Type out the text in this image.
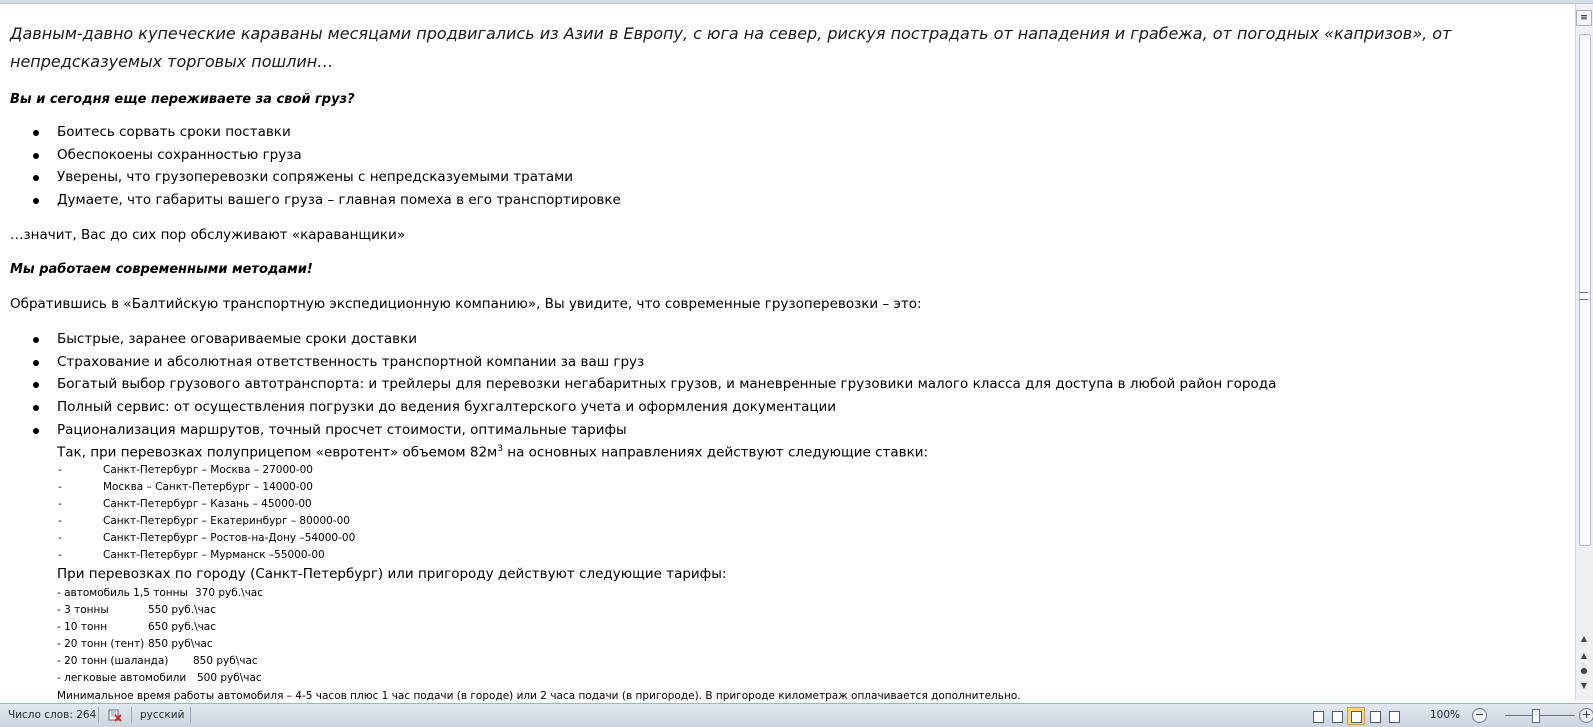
Давным-давно купеческие караваны месяцами продвигались из Азии в Европу, с юга на север, рискуя пострадать от нападения и грабежа, от погодных «капризов», от непредсказуемых торговых пошлин…
Вы и сегодня еще переживаете за свой груз?
Боитесь сорвать сроки поставки
Обеспокоены сохранностью груза
Уверены, что грузоперевозки сопряжены с непредсказуемыми тратами
Думаете, что габариты вашего груза – главная помеха в его транспортировке
…значит, Вас до сих пор обслуживают «караванщики»
Мы работаем современными методами!
Обратившись в «Балтийскую транспортную экспедиционную компанию», Вы увидите, что современные грузоперевозки – это:
Быстрые, заранее оговариваемые сроки доставки
Страхование и абсолютная ответственность транспортной компании за ваш груз
Богатый выбор грузового автотранспорта: и трейлеры для перевозки негабаритных грузов, и маневренные грузовики малого класса для доступа в любой район города
Полный сервис: от осуществления погрузки до ведения бухгалтерского учета и оформления документации
Рационализация маршрутов, точный просчет стоимости, оптимальные тарифы
Так, при перевозках полуприцепом «евротент» объемом $82м^3$ на основных направлениях действуют следующие ставки:
-	Санкт-Петербург – Москва – 27000-00
-	Москва – Санкт-Петербург – 14000-00
-	Санкт-Петербург – Казань – 45000-00
-	Санкт-Петербург – Екатеринбург – 80000-00
-	Санкт-Петербург – Ростов-на-Дону –54000-00
-	Санкт-Петербург – Мурманск –55000-00
При перевозках по городу (Санкт-Петербург) или пригороду действуют следующие тарифы:
- автомобиль 1,5 тонны 370 руб.\час
- 3 тонны	550 руб.\час
- 10 тонн	650 руб.\час
- 20 тонн (тент) 850 руб\час
- 20 тонн (шаланда) 850 руб\час
- легковые автомобили 500 руб\час
Минимальное время работы автомобиля – 4-5 часов плюс 1 час подачи (в городе) или 2 часа подачи (в пригороде). В пригороде километраж оплачивается дополнительно.
≡
▲
▲
●
▼
Число слов: 264	русский	100% −	+
